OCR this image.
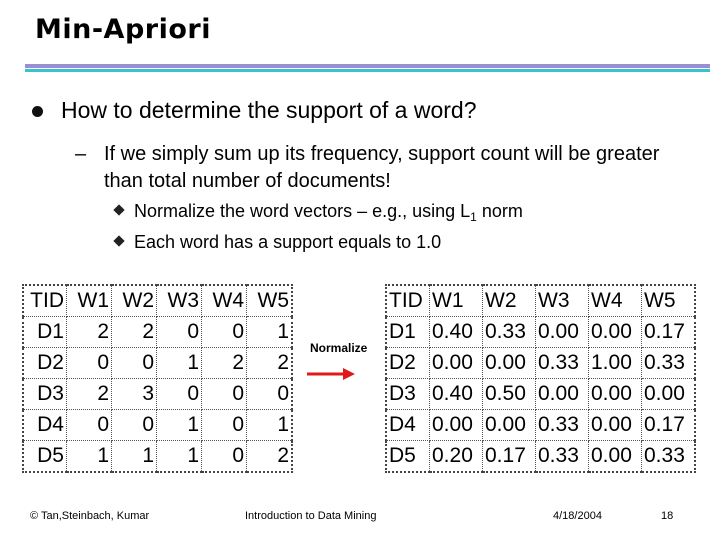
Min-Apriori
How to determine the support of a word?
– If we simply sum up its frequency, support count will be greater than total number of documents!
Normalize the word vectors – e.g., using $L_1$ norm
Each word has a support equals to 1.0
TID	W1	W2	W3	W4	W5
D1	2	2	0	0	1
D2	0	0	1	2	2
D3	2	3	0	0	0
D4	0	0	1	0	1
D5	1	1	1	0	2
TID	W1	W2	W3	W4	W5
D1	0.40	0.33	0.00	0.00	0.17
D2	0.00	0.00	0.33	1.00	0.33
D3	0.40	0.50	0.00	0.00	0.00
D4	0.00	0.00	0.33	0.00	0.17
D5	0.20	0.17	0.33	0.00	0.33
Normalize
© Tan,Steinbach, Kumar	Introduction to Data Mining	4/18/2004	18
